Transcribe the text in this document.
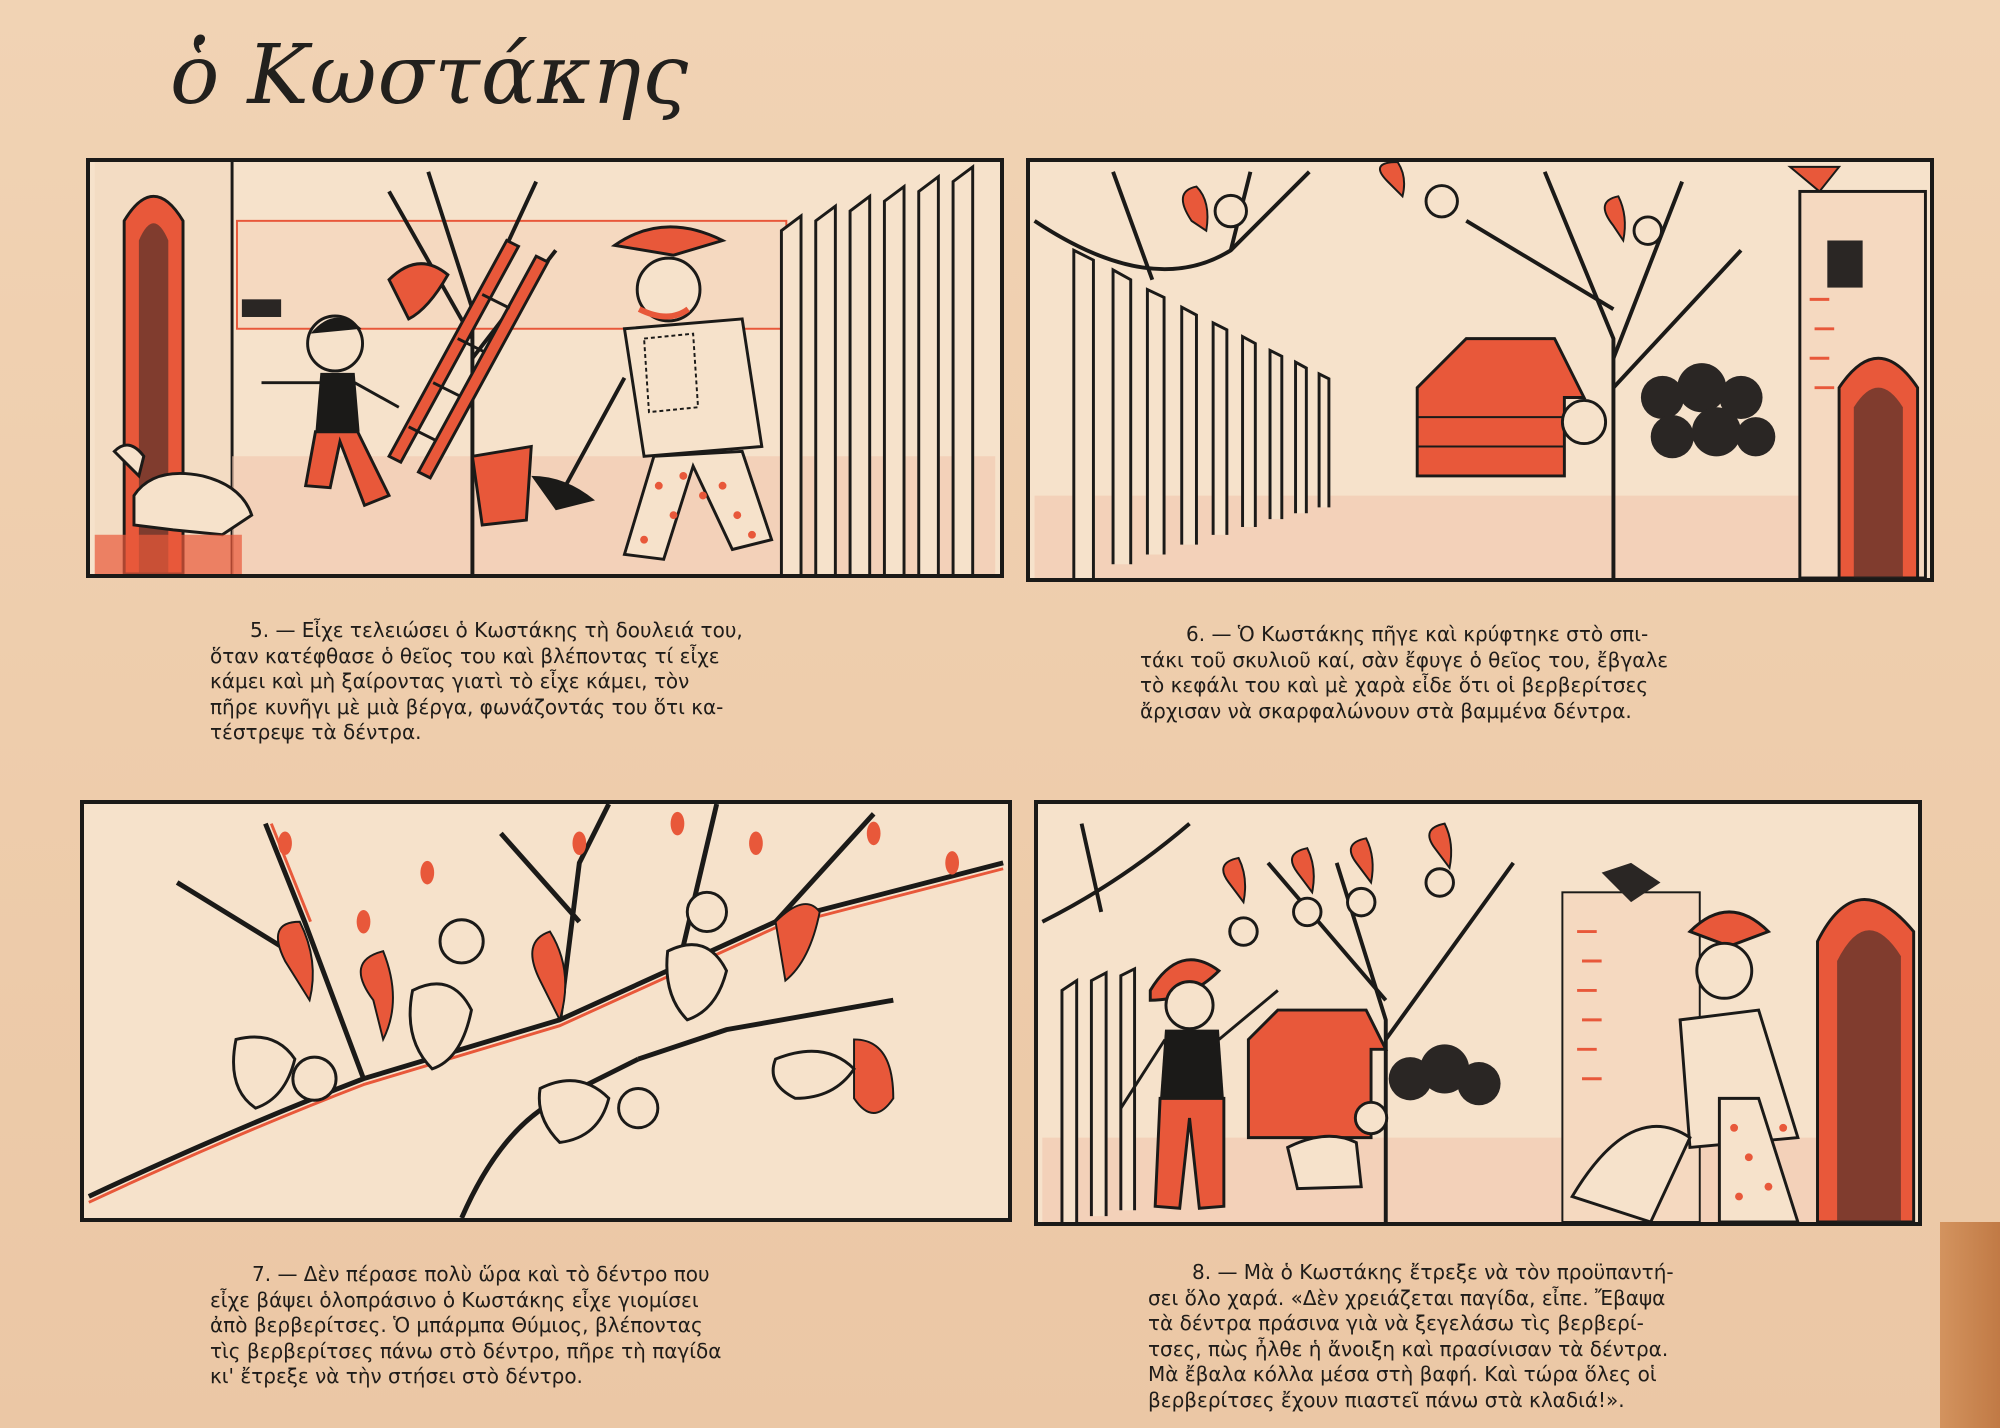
ὁ Κωστάκης
5. — Εἶχε τελειώσει ὁ Κωστάκης τὴ δουλειά του,
ὅταν κατέφθασε ὁ θεῖος του καὶ βλέποντας τί εἶχε
κάμει καὶ μὴ ξαίροντας γιατὶ τὸ εἶχε κάμει, τὸν
πῆρε κυνῆγι μὲ μιὰ βέργα, φωνάζοντάς του ὅτι κα-
τέστρεψε τὰ δέντρα.
6. — Ὁ Κωστάκης πῆγε καὶ κρύφτηκε στὸ σπι-
τάκι τοῦ σκυλιοῦ καί, σὰν ἔφυγε ὁ θεῖος του, ἔβγαλε
τὸ κεφάλι του καὶ μὲ χαρὰ εἶδε ὅτι οἱ βερβερίτσες
ἄρχισαν νὰ σκαρφαλώνουν στὰ βαμμένα δέντρα.
7. — Δὲν πέρασε πολὺ ὥρα καὶ τὸ δέντρο που
εἶχε βάψει ὁλοπράσινο ὁ Κωστάκης εἶχε γιομίσει
ἀπὸ βερβερίτσες. Ὁ μπάρμπα Θύμιος, βλέποντας
τὶς βερβερίτσες πάνω στὸ δέντρο, πῆρε τὴ παγίδα
κι' ἔτρεξε νὰ τὴν στήσει στὸ δέντρο.
8. — Μὰ ὁ Κωστάκης ἔτρεξε νὰ τὸν προϋπαντή-
σει ὅλο χαρά. «Δὲν χρειάζεται παγίδα, εἶπε. Ἔβαψα
τὰ δέντρα πράσινα γιὰ νὰ ξεγελάσω τὶς βερβερί-
τσες, πὼς ἦλθε ἡ ἄνοιξη καὶ πρασίνισαν τὰ δέντρα.
Μὰ ἔβαλα κόλλα μέσα στὴ βαφή. Καὶ τώρα ὅλες οἱ
βερβερίτσες ἔχουν πιαστεῖ πάνω στὰ κλαδιά!».
